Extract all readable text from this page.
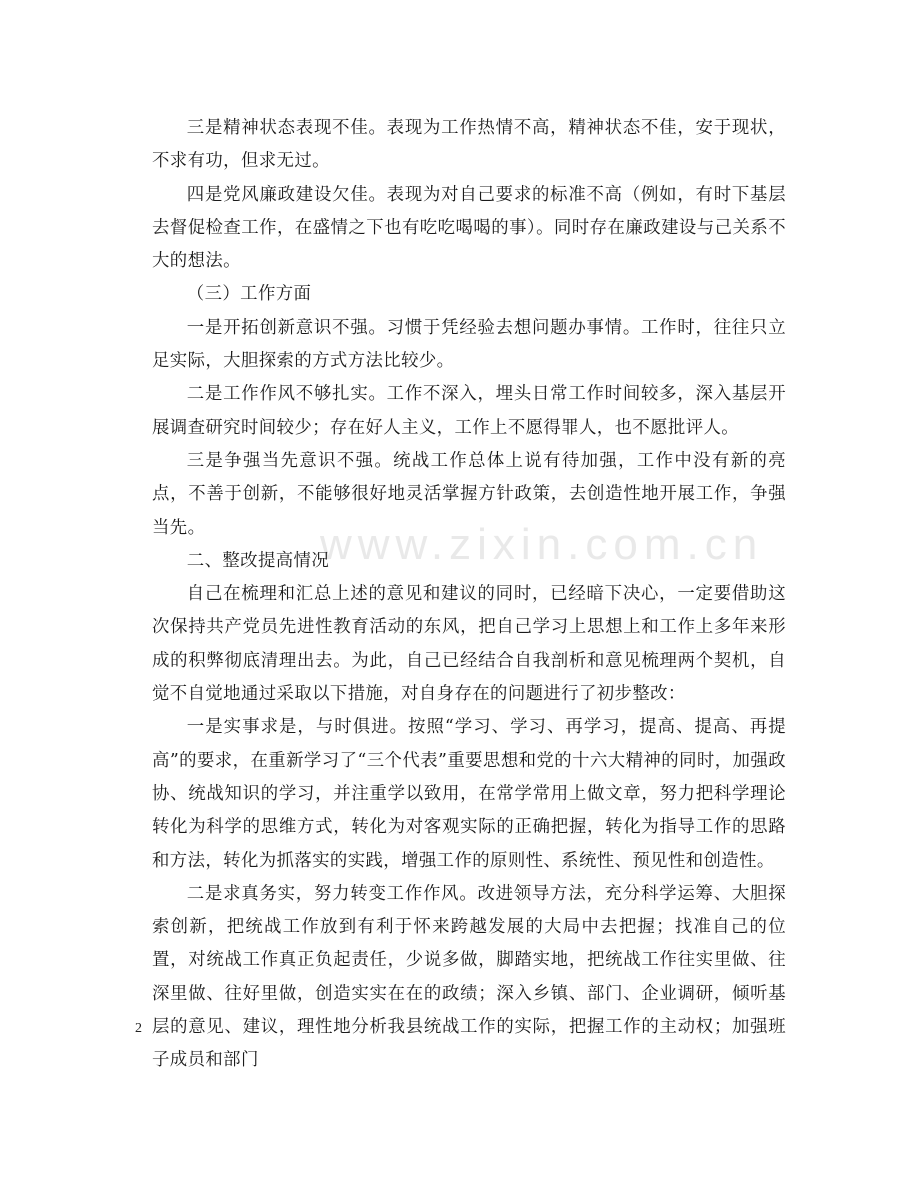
www.zixin.com.cn

三是精神状态表现不佳。表现为工作热情不高，精神状态不佳，安于现状，不求有功，但求无过。

四是党风廉政建设欠佳。表现为对自己要求的标准不高（例如，有时下基层去督促检查工作，在盛情之下也有吃吃喝喝的事）。同时存在廉政建设与己关系不大的想法。

（三）工作方面

一是开拓创新意识不强。习惯于凭经验去想问题办事情。工作时，往往只立足实际，大胆探索的方式方法比较少。

二是工作作风不够扎实。工作不深入，埋头日常工作时间较多，深入基层开展调查研究时间较少；存在好人主义，工作上不愿得罪人，也不愿批评人。

三是争强当先意识不强。统战工作总体上说有待加强，工作中没有新的亮点，不善于创新，不能够很好地灵活掌握方针政策，去创造性地开展工作，争强当先。

二、整改提高情况

自己在梳理和汇总上述的意见和建议的同时，已经暗下决心，一定要借助这次保持共产党员先进性教育活动的东风，把自己学习上思想上和工作上多年来形成的积弊彻底清理出去。为此，自己已经结合自我剖析和意见梳理两个契机，自觉不自觉地通过采取以下措施，对自身存在的问题进行了初步整改：

一是实事求是，与时俱进。按照“学习、学习、再学习，提高、提高、再提高”的要求，在重新学习了“三个代表”重要思想和党的十六大精神的同时，加强政协、统战知识的学习，并注重学以致用，在常学常用上做文章，努力把科学理论转化为科学的思维方式，转化为对客观实际的正确把握，转化为指导工作的思路和方法，转化为抓落实的实践，增强工作的原则性、系统性、预见性和创造性。

二是求真务实，努力转变工作作风。改进领导方法，充分科学运筹、大胆探索创新，把统战工作放到有利于怀来跨越发展的大局中去把握；找准自己的位置，对统战工作真正负起责任，少说多做，脚踏实地，把统战工作往实里做、往深里做、往好里做，创造实实在在的政绩；深入乡镇、部门、企业调研，倾听基层的意见、建议，理性地分析我县统战工作的实际，把握工作的主动权；加强班子成员和部门

2
